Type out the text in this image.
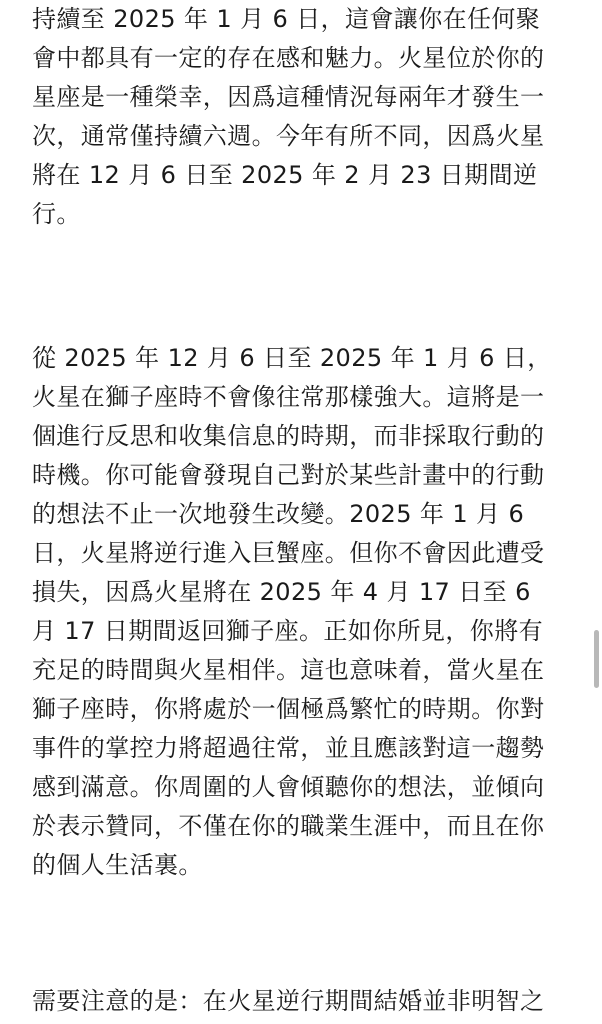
持續至 2025 年 1 月 6 日，這會讓你在任何聚
會中都具有一定的存在感和魅力。火星位於你的
星座是一種榮幸，因爲這種情況每兩年才發生一
次，通常僅持續六週。今年有所不同，因爲火星
將在 12 月 6 日至 2025 年 2 月 23 日期間逆
行。
從 2025 年 12 月 6 日至 2025 年 1 月 6 日，
火星在獅子座時不會像往常那樣強大。這將是一
個進行反思和收集信息的時期，而非採取行動的
時機。你可能會發現自己對於某些計畫中的行動
的想法不止一次地發生改變。2025 年 1 月 6
日，火星將逆行進入巨蟹座。但你不會因此遭受
損失，因爲火星將在 2025 年 4 月 17 日至 6
月 17 日期間返回獅子座。正如你所見，你將有
充足的時間與火星相伴。這也意味着，當火星在
獅子座時，你將處於一個極爲繁忙的時期。你對
事件的掌控力將超過往常，並且應該對這一趨勢
感到滿意。你周圍的人會傾聽你的想法，並傾向
於表示贊同，不僅在你的職業生涯中，而且在你
的個人生活裏。
需要注意的是：在火星逆行期間結婚並非明智之
